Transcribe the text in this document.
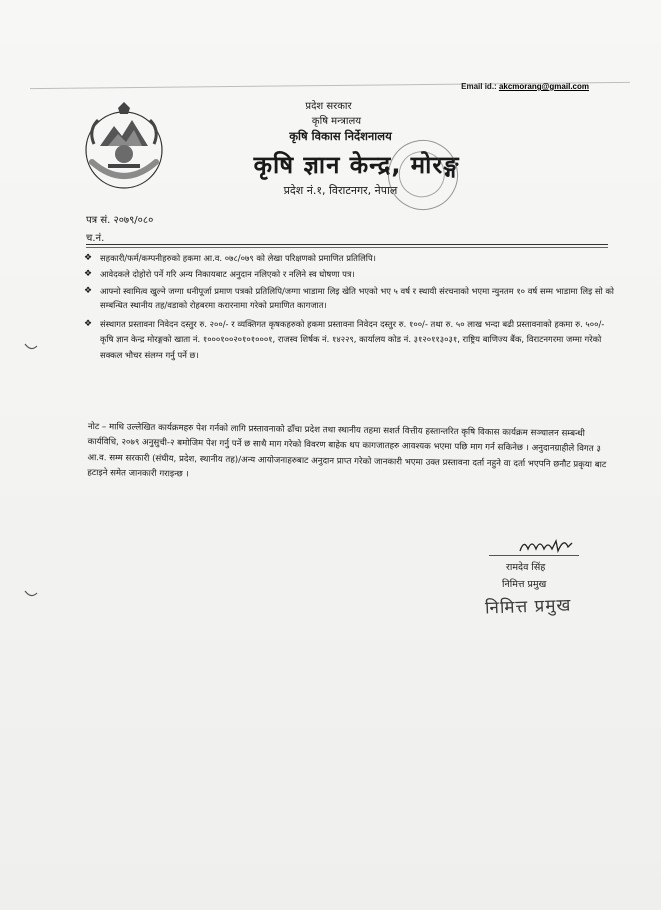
Email id.: akcmorang@gmail.com
प्रदेश सरकार
कृषि मन्त्रालय
कृषि विकास निर्देशनालय
कृषि ज्ञान केन्द्र, मोरङ्ग
प्रदेश नं.१, विराटनगर, नेपाल
पत्र सं. २०७९/०८०
च.नं.
❖ सहकारी/फर्म/कम्पनीहरुको हकमा आ.व. ०७८/०७९ को लेखा परिक्षणको प्रमाणित प्रतिलिपि।
❖ आवेदकले दोहोरो पर्ने गरि अन्य निकायबाट अनुदान नलिएको र नलिने स्व घोषणा पत्र।
❖ आफ्नो स्वामित्व खुल्ने जग्गा धनीपूर्जा प्रमाण पत्रको प्रतिलिपि/जग्गा भाडामा लिइ खेति भएको भए ५ वर्ष र स्थायी संरचनाको भएमा न्युनतम १० वर्ष सम्म भाडामा लिइ सो को सम्बन्धित स्थानीय तह/वडाको रोहबरमा करारनामा गरेको प्रमाणित कागजात।
❖ संस्थागत प्रस्तावना निवेदन दस्तुर रु. २००/- र व्यक्तिगत कृषकहरुको हकमा प्रस्तावना निवेदन दस्तुर रु. १००/- तथा रु. ५० लाख भन्दा बढी प्रस्तावनाको हकमा रु. ५००/- कृषि ज्ञान केन्द्र मोरङ्गको खाता नं. १०००१००२०१०१०००१, राजस्व शिर्षक नं. १४२२९, कार्यालय कोड नं. ३१२०११३०३१, राष्ट्रिय बाणिज्य बैंक, विराटनगरमा जम्मा गरेको सक्कल भौचर संलग्न गर्नु पर्ने छ।
नोट – माथि उल्लेखित कार्यक्रमहरु पेश गर्नको लागि प्रस्तावनाको ढाँचा प्रदेश तथा स्थानीय तहमा सशर्त वित्तीय हस्तान्तरित कृषि विकास कार्यक्रम सञ्चालन सम्बन्धी कार्यविधि, २०७९ अनुसुची-२ बमोजिम पेश गर्नु पर्ने छ साथै माग गरेको विवरण बाहेक थप कागजातहरु आवश्यक भएमा पछि माग गर्न सकिनेछ । अनुदानग्राहीले विगत ३ आ.व. सम्म सरकारी (संघीय, प्रदेश, स्थानीय तह)/अन्य आयोजनाहरुबाट अनुदान प्राप्त गरेको जानकारी भएमा उक्त प्रस्तावना दर्ता नहुने वा दर्ता भएपनि छनौट प्रकृया बाट हटाइने समेत जानकारी गराइन्छ ।
रामदेव सिंह
निमित्त प्रमुख
निमित्त प्रमुख
